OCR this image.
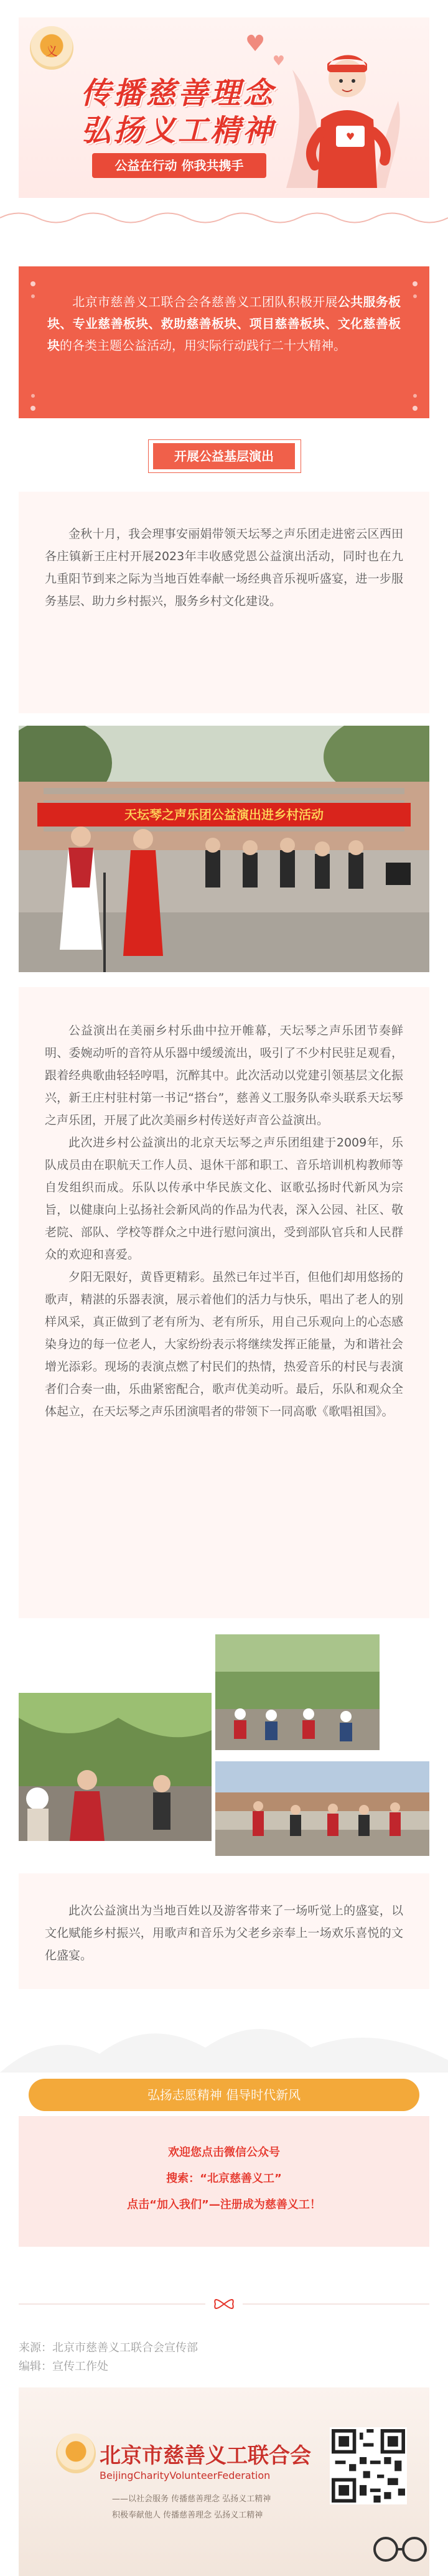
义	♥
♥
传播慈善理念
弘扬义工精神
公益在行动 你我共携手
♥
北京市慈善义工联合会各慈善义工团队积极开展公共服务板块、专业慈善板块、救助慈善板块、项目慈善板块、文化慈善板块的各类主题公益活动，用实际行动践行二十大精神。
开展公益基层演出

金秋十月，我会理事安丽娟带领天坛琴之声乐团走进密云区西田各庄镇新王庄村开展2023年丰收感党恩公益演出活动，同时也在九九重阳节到来之际为当地百姓奉献一场经典音乐视听盛宴，进一步服务基层、助力乡村振兴，服务乡村文化建设。

天坛琴之声乐团公益演出进乡村活动

公益演出在美丽乡村乐曲中拉开帷幕，天坛琴之声乐团节奏鲜明、委婉动听的音符从乐器中缓缓流出，吸引了不少村民驻足观看，跟着经典歌曲轻轻哼唱，沉醉其中。此次活动以党建引领基层文化振兴，新王庄村驻村第一书记“搭台”，慈善义工服务队牵头联系天坛琴之声乐团，开展了此次美丽乡村传送好声音公益演出。

此次进乡村公益演出的北京天坛琴之声乐团组建于2009年，乐队成员由在职航天工作人员、退休干部和职工、音乐培训机构教师等自发组织而成。乐队以传承中华民族文化、讴歌弘扬时代新风为宗旨，以健康向上弘扬社会新风尚的作品为代表，深入公园、社区、敬老院、部队、学校等群众之中进行慰问演出，受到部队官兵和人民群众的欢迎和喜爱。

夕阳无限好，黄昏更精彩。虽然已年过半百，但他们却用悠扬的歌声，精湛的乐器表演，展示着他们的活力与快乐，唱出了老人的别样风采，真正做到了老有所为、老有所乐，用自己乐观向上的心态感染身边的每一位老人，大家纷纷表示将继续发挥正能量，为和谐社会增光添彩。现场的表演点燃了村民们的热情，热爱音乐的村民与表演者们合奏一曲，乐曲紧密配合，歌声优美动听。最后，乐队和观众全体起立，在天坛琴之声乐团演唱者的带领下一同高歌《歌唱祖国》。

此次公益演出为当地百姓以及游客带来了一场听觉上的盛宴，以文化赋能乡村振兴，用歌声和音乐为父老乡亲奉上一场欢乐喜悦的文化盛宴。

弘扬志愿精神 倡导时代新风
欢迎您点击微信公众号
搜索：“北京慈善义工”
点击“加入我们”—注册成为慈善义工！
来源：北京市慈善义工联合会宣传部
编辑：宣传工作处
北京市慈善义工联合会
BeijingCharityVolunteerFederation
——以社会服务 传播慈善理念 弘扬义工精神
积极奉献他人 传播慈善理念 弘扬义工精神
